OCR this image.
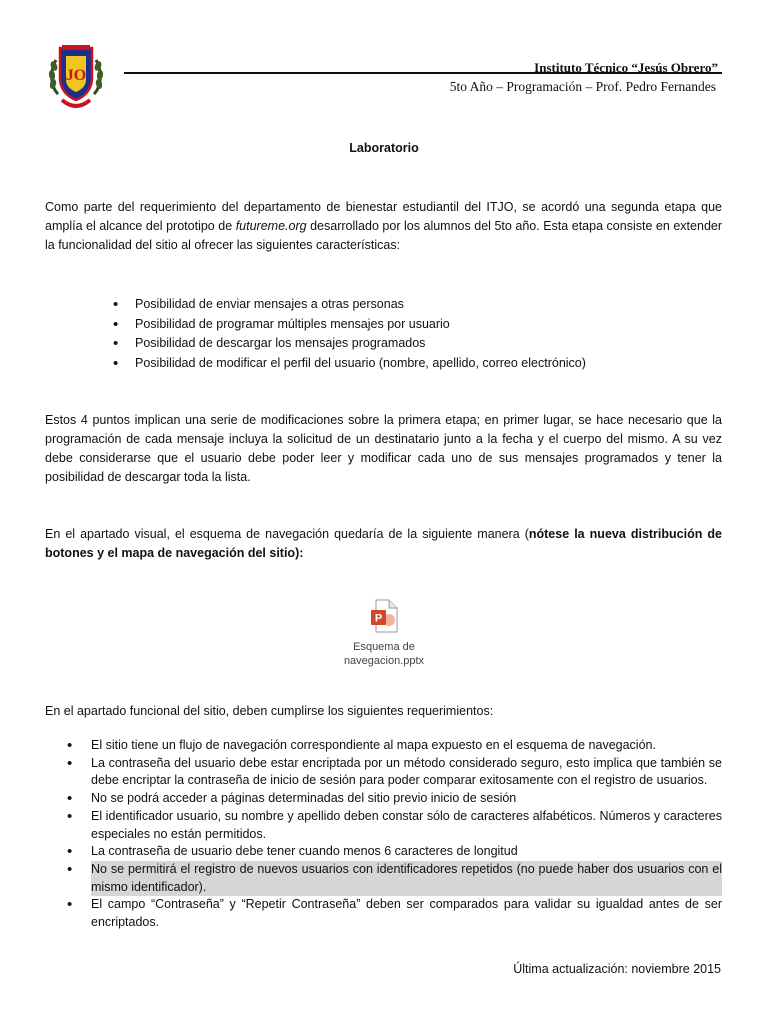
JO	Instituto Técnico “Jesús Obrero”
5to Año – Programación – Prof. Pedro Fernandes
Laboratorio

Como parte del requerimiento del departamento de bienestar estudiantil del ITJO, se acordó una segunda etapa que amplía el alcance del prototipo de futureme.org desarrollado por los alumnos del 5to año. Esta etapa consiste en extender la funcionalidad del sitio al ofrecer las siguientes características:

• Posibilidad de enviar mensajes a otras personas
• Posibilidad de programar múltiples mensajes por usuario
• Posibilidad de descargar los mensajes programados
• Posibilidad de modificar el perfil del usuario (nombre, apellido, correo electrónico)

Estos 4 puntos implican una serie de modificaciones sobre la primera etapa; en primer lugar, se hace necesario que la programación de cada mensaje incluya la solicitud de un destinatario junto a la fecha y el cuerpo del mismo. A su vez debe considerarse que el usuario debe poder leer y modificar cada uno de sus mensajes programados y tener la posibilidad de descargar toda la lista.

En el apartado visual, el esquema de navegación quedaría de la siguiente manera (nótese la nueva distribución de botones y el mapa de navegación del sitio):

P
Esquema de
navegacion.pptx

En el apartado funcional del sitio, deben cumplirse los siguientes requerimientos:

• El sitio tiene un flujo de navegación correspondiente al mapa expuesto en el esquema de navegación.
• La contraseña del usuario debe estar encriptada por un método considerado seguro, esto implica que también se debe encriptar la contraseña de inicio de sesión para poder comparar exitosamente con el registro de usuarios.
• No se podrá acceder a páginas determinadas del sitio previo inicio de sesión
• El identificador usuario, su nombre y apellido deben constar sólo de caracteres alfabéticos. Números y caracteres especiales no están permitidos.
• La contraseña de usuario debe tener cuando menos 6 caracteres de longitud
• No se permitirá el registro de nuevos usuarios con identificadores repetidos (no puede haber dos usuarios con el mismo identificador).
• El campo “Contraseña” y “Repetir Contraseña” deben ser comparados para validar su igualdad antes de ser encriptados.
Última actualización: noviembre 2015
